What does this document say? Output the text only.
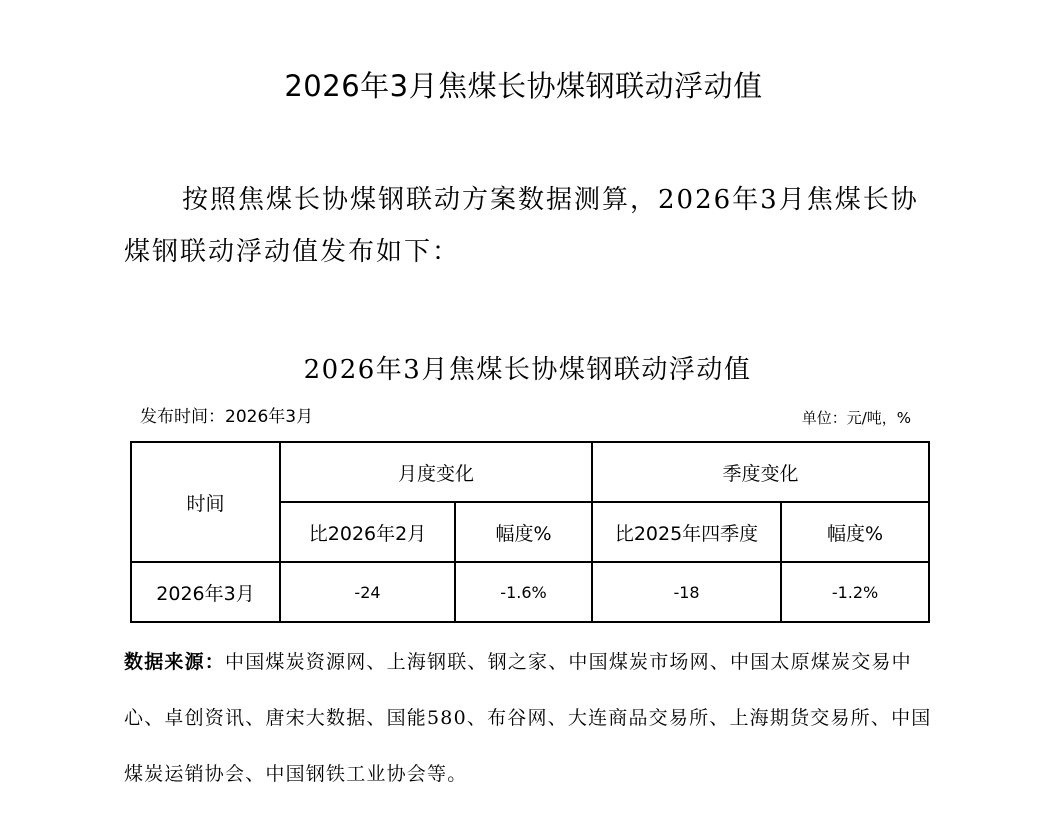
2026年3月焦煤长协煤钢联动浮动值
按照焦煤长协煤钢联动方案数据测算，2026年3月焦煤长协煤钢联动浮动值发布如下：
2026年3月焦煤长协煤钢联动浮动值
发布时间：2026年3月	单位：元/吨，%
时间	月度变化		季度变化	
	比2026年2月	幅度%	比2025年四季度	幅度%
2026年3月	-24	-1.6%	-18	-1.2%
数据来源：中国煤炭资源网、上海钢联、钢之家、中国煤炭市场网、中国太原煤炭交易中心、卓创资讯、唐宋大数据、国能580、布谷网、大连商品交易所、上海期货交易所、中国煤炭运销协会、中国钢铁工业协会等。
